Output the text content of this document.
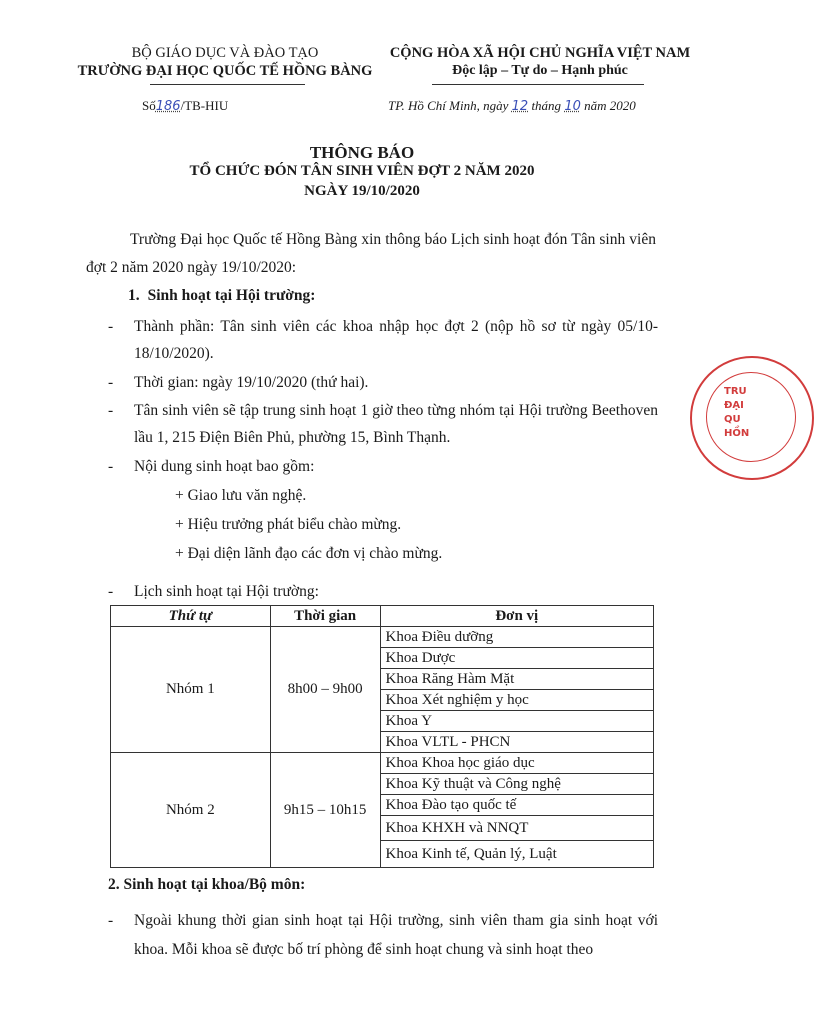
BỘ GIÁO DỤC VÀ ĐÀO TẠO
TRƯỜNG ĐẠI HỌC QUỐC TẾ HỒNG BÀNG
CỘNG HÒA XÃ HỘI CHỦ NGHĨA VIỆT NAM
Độc lập – Tự do – Hạnh phúc
Số186/TB-HIU	TP. Hồ Chí Minh, ngày 12 tháng 10 năm 2020
THÔNG BÁO
TỔ CHỨC ĐÓN TÂN SINH VIÊN ĐỢT 2 NĂM 2020
NGÀY 19/10/2020
Trường Đại học Quốc tế Hồng Bàng xin thông báo Lịch sinh hoạt đón Tân sinh viên đợt 2 năm 2020 ngày 19/10/2020:
1. Sinh hoạt tại Hội trường:
- Thành phần: Tân sinh viên các khoa nhập học đợt 2 (nộp hồ sơ từ ngày 05/10-18/10/2020).
- Thời gian: ngày 19/10/2020 (thứ hai).
- Tân sinh viên sẽ tập trung sinh hoạt 1 giờ theo từng nhóm tại Hội trường Beethoven lầu 1, 215 Điện Biên Phủ, phường 15, Bình Thạnh.
- Nội dung sinh hoạt bao gồm:
+ Giao lưu văn nghệ.
+ Hiệu trưởng phát biểu chào mừng.
+ Đại diện lãnh đạo các đơn vị chào mừng.
- Lịch sinh hoạt tại Hội trường:
Thứ tự	Thời gian	Đơn vị
Nhóm 1	8h00 – 9h00	Khoa Điều dưỡng
		Khoa Dược
		Khoa Răng Hàm Mặt
		Khoa Xét nghiệm y học
		Khoa Y
		Khoa VLTL - PHCN
Nhóm 2	9h15 – 10h15	Khoa Khoa học giáo dục
		Khoa Kỹ thuật và Công nghệ
		Khoa Đào tạo quốc tế
		Khoa KHXH và NNQT
		Khoa Kinh tế, Quản lý, Luật
2. Sinh hoạt tại khoa/Bộ môn:
- Ngoài khung thời gian sinh hoạt tại Hội trường, sinh viên tham gia sinh hoạt với khoa. Mỗi khoa sẽ được bố trí phòng để sinh hoạt chung và sinh hoạt theo
TRU
ĐẠI
QU
HỒN
